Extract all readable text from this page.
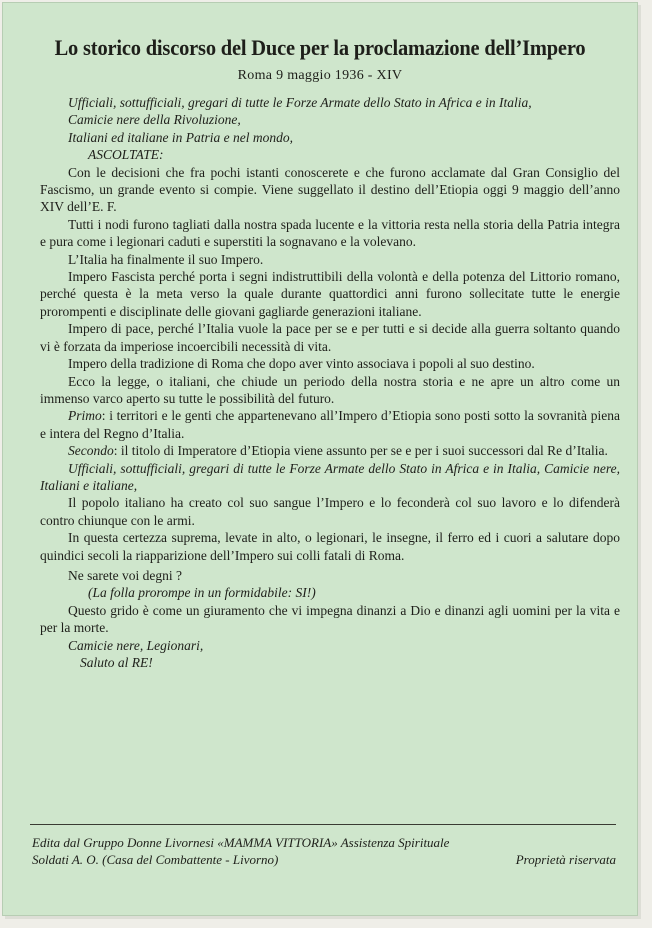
Lo storico discorso del Duce per la proclamazione dell’Impero
Roma 9 maggio 1936 - XIV

Ufficiali, sottufficiali, gregari di tutte le Forze Armate dello Stato in Africa e in Italia,

Camicie nere della Rivoluzione,

Italiani ed italiane in Patria e nel mondo,

ASCOLTATE:

Con le decisioni che fra pochi istanti conoscerete e che furono acclamate dal Gran Consiglio del Fascismo, un grande evento si compie. Viene suggellato il destino dell’Etiopia oggi 9 maggio dell’anno XIV dell’E. F.

Tutti i nodi furono tagliati dalla nostra spada lucente e la vittoria resta nella storia della Patria integra e pura come i legionari caduti e superstiti la sognavano e la volevano.

L’Italia ha finalmente il suo Impero.

Impero Fascista perché porta i segni indistruttibili della volontà e della potenza del Littorio romano, perché questa è la meta verso la quale durante quattordici anni furono sollecitate tutte le energie prorompenti e disciplinate delle giovani gagliarde generazioni italiane.

Impero di pace, perché l’Italia vuole la pace per se e per tutti e si decide alla guerra soltanto quando vi è forzata da imperiose incoercibili necessità di vita.

Impero della tradizione di Roma che dopo aver vinto associava i popoli al suo destino.

Ecco la legge, o italiani, che chiude un periodo della nostra storia e ne apre un altro come un immenso varco aperto su tutte le possibilità del futuro.

Primo: i territori e le genti che appartenevano all’Impero d’Etiopia sono posti sotto la sovranità piena e intera del Regno d’Italia.

Secondo: il titolo di Imperatore d’Etiopia viene assunto per se e per i suoi successori dal Re d’Italia.

Ufficiali, sottufficiali, gregari di tutte le Forze Armate dello Stato in Africa e in Italia, Camicie nere, Italiani e italiane,

Il popolo italiano ha creato col suo sangue l’Impero e lo feconderà col suo lavoro e lo difenderà contro chiunque con le armi.

In questa certezza suprema, levate in alto, o legionari, le insegne, il ferro ed i cuori a salutare dopo quindici secoli la riapparizione dell’Impero sui colli fatali di Roma.

Ne sarete voi degni ?

(La folla prorompe in un formidabile: SI!)

Questo grido è come un giuramento che vi impegna dinanzi a Dio e dinanzi agli uomini per la vita e per la morte.

Camicie nere, Legionari,

Saluto al RE!

Edita dal Gruppo Donne Livornesi «MAMMA VITTORIA» Assistenza Spirituale
Soldati A. O. (Casa del Combattente - Livorno)	Proprietà riservata
